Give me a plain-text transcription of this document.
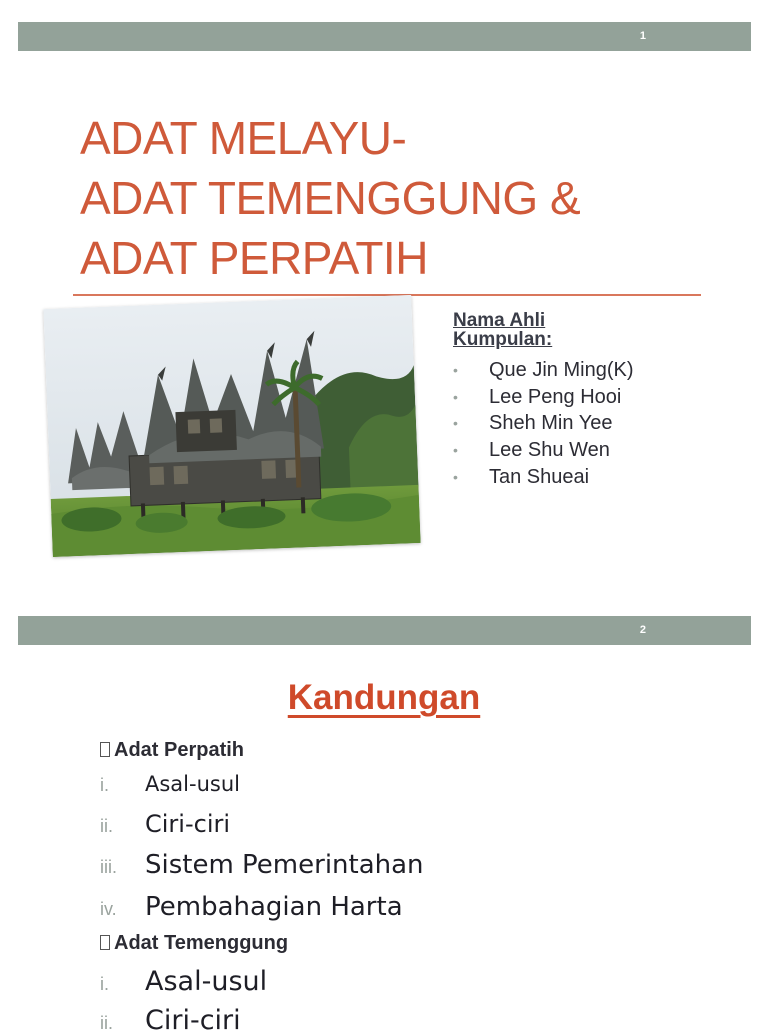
1
ADAT MELAYU-
ADAT TEMENGGUNG &
ADAT PERPATIH
Nama Ahli
Kumpulan:
• Que Jin Ming(K)
• Lee Peng Hooi
• Sheh Min Yee
• Lee Shu Wen
• Tan Shueai
2
Kandungan
Adat Perpatih
i. Asal-usul
ii. Ciri-ciri
iii. Sistem Pemerintahan
iv. Pembahagian Harta
Adat Temenggung
i. Asal-usul
ii. Ciri-ciri
